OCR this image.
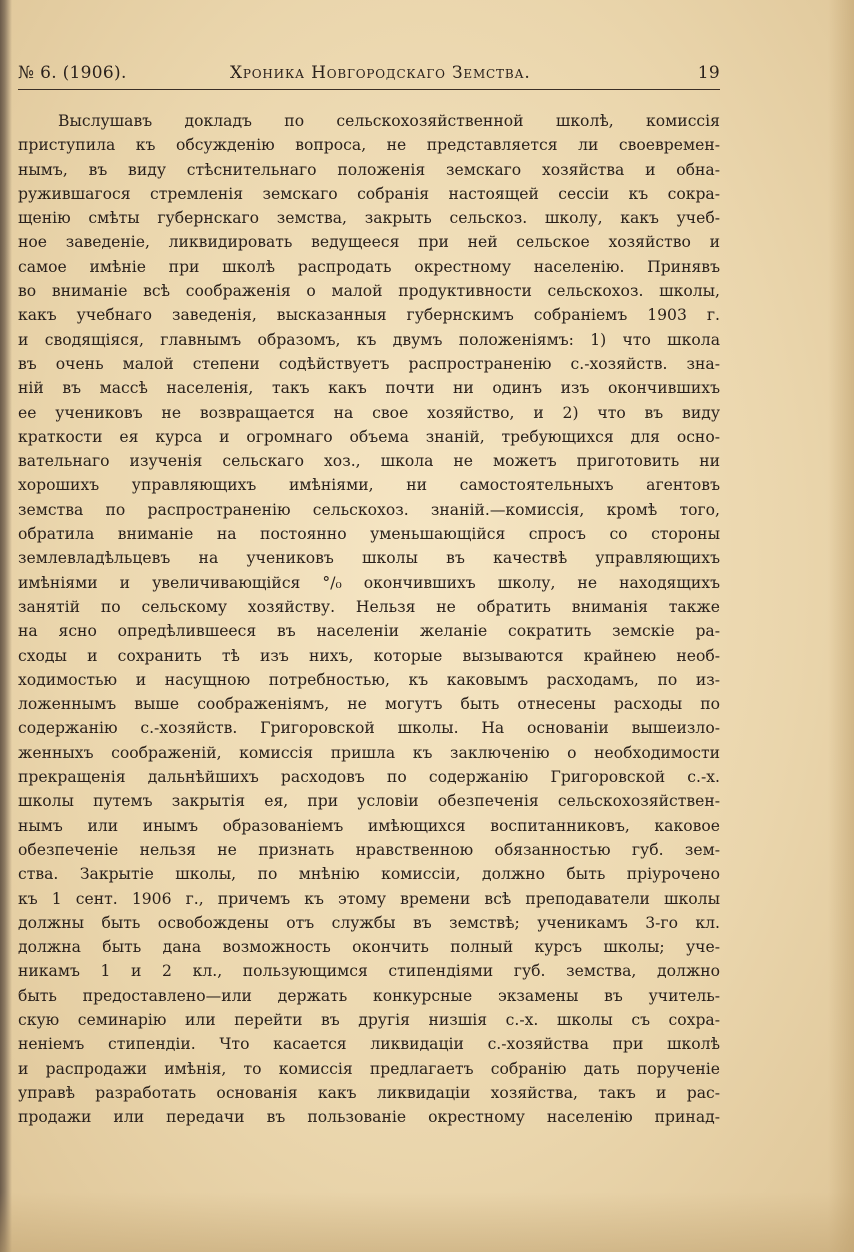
№ 6. (1906).	Хроника Новгородскаго Земства.	19
Выслушавъ докладъ по сельскохозяйственной школѣ, комиссія
приступила къ обсужденію вопроса, не представляется ли своевремен-
нымъ, въ виду стѣснительнаго положенія земскаго хозяйства и обна-
ружившагося стремленія земскаго собранія настоящей сессіи къ сокра-
щенію смѣты губернскаго земства, закрыть сельскоз. школу, какъ учеб-
ное заведеніе, ликвидировать ведущееся при ней сельское хозяйство и
самое имѣніе при школѣ распродать окрестному населенію. Принявъ
во вниманіе всѣ соображенія о малой продуктивности сельскохоз. школы,
какъ учебнаго заведенія, высказанныя губернскимъ собраніемъ 1903 г.
и сводящіяся, главнымъ образомъ, къ двумъ положеніямъ: 1) что школа
въ очень малой степени содѣйствуетъ распространенію с.-хозяйств. зна-
ній въ массѣ населенія, такъ какъ почти ни одинъ изъ окончившихъ
ее учениковъ не возвращается на свое хозяйство, и 2) что въ виду
краткости ея курса и огромнаго объема знаній, требующихся для осно-
вательнаго изученія сельскаго хоз., школа не можетъ приготовить ни
хорошихъ управляющихъ имѣніями, ни самостоятельныхъ агентовъ
земства по распространенію сельскохоз. знаній.—комиссія, кромѣ того,
обратила вниманіе на постоянно уменьшающійся спросъ со стороны
землевладѣльцевъ на учениковъ школы въ качествѣ управляющихъ
имѣніями и увеличивающійся °/₀ окончившихъ школу, не находящихъ
занятій по сельскому хозяйству. Нельзя не обратить вниманія также
на ясно опредѣлившееся въ населеніи желаніе сократить земскіе ра-
сходы и сохранить тѣ изъ нихъ, которые вызываются крайнею необ-
ходимостью и насущною потребностью, къ каковымъ расходамъ, по из-
ложеннымъ выше соображеніямъ, не могутъ быть отнесены расходы по
содержанію с.-хозяйств. Григоровской школы. На основаніи вышеизло-
женныхъ соображеній, комиссія пришла къ заключенію о необходимости
прекращенія дальнѣйшихъ расходовъ по содержанію Григоровской с.-х.
школы путемъ закрытія ея, при условіи обезпеченія сельскохозяйствен-
нымъ или инымъ образованіемъ имѣющихся воспитанниковъ, каковое
обезпеченіе нельзя не признать нравственною обязанностью губ. зем-
ства. Закрытіе школы, по мнѣнію комиссіи, должно быть пріурочено
къ 1 сент. 1906 г., причемъ къ этому времени всѣ преподаватели школы
должны быть освобождены отъ службы въ земствѣ; ученикамъ 3-го кл.
должна быть дана возможность окончить полный курсъ школы; уче-
никамъ 1 и 2 кл., пользующимся стипендіями губ. земства, должно
быть предоставлено—или держать конкурсные экзамены въ учитель-
скую семинарію или перейти въ другія низшія с.-х. школы съ сохра-
неніемъ стипендіи. Что касается ликвидаціи с.-хозяйства при школѣ
и распродажи имѣнія, то комиссія предлагаетъ собранію дать порученіе
управѣ разработать основанія какъ ликвидаціи хозяйства, такъ и рас-
продажи или передачи въ пользованіе окрестному населенію принад-
